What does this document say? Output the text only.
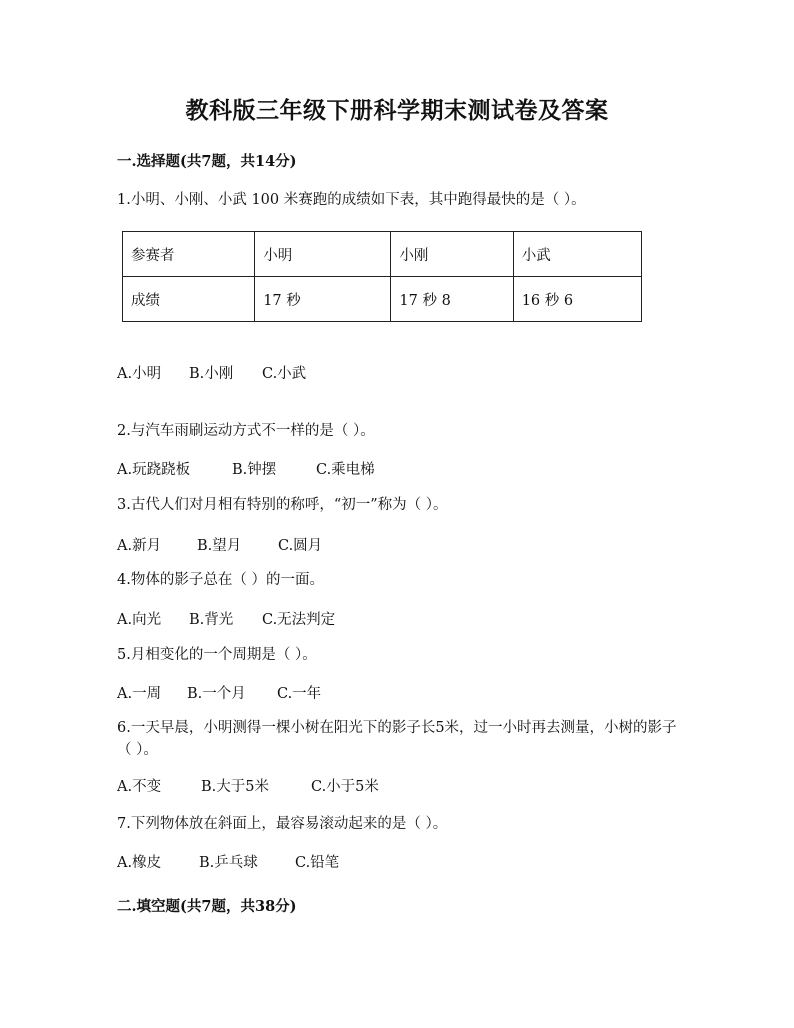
教科版三年级下册科学期末测试卷及答案
一.选择题(共7题，共14分)
1.小明、小刚、小武 100 米赛跑的成绩如下表，其中跑得最快的是（ ）。
参赛者	小明	小刚	小武
成绩	17 秒	17 秒 8	16 秒 6
A.小明 B.小刚 C.小武
2.与汽车雨刷运动方式不一样的是（ ）。
A.玩跷跷板	B.钟摆	C.乘电梯
3.古代人们对月相有特别的称呼，“初一”称为（ ）。
A.新月 B.望月	C.圆月
4.物体的影子总在（ ）的一面。
A.向光 B.背光 C.无法判定
5.月相变化的一个周期是（ ）。
A.一周 B.一个月 C.一年
6.一天早晨，小明测得一棵小树在阳光下的影子长5米，过一小时再去测量，小树的影子（ ）。
A.不变	B.大于5米	C.小于5米
7.下列物体放在斜面上，最容易滚动起来的是（ ）。
A.橡皮	B.乒乓球	C.铅笔
二.填空题(共7题，共38分)
